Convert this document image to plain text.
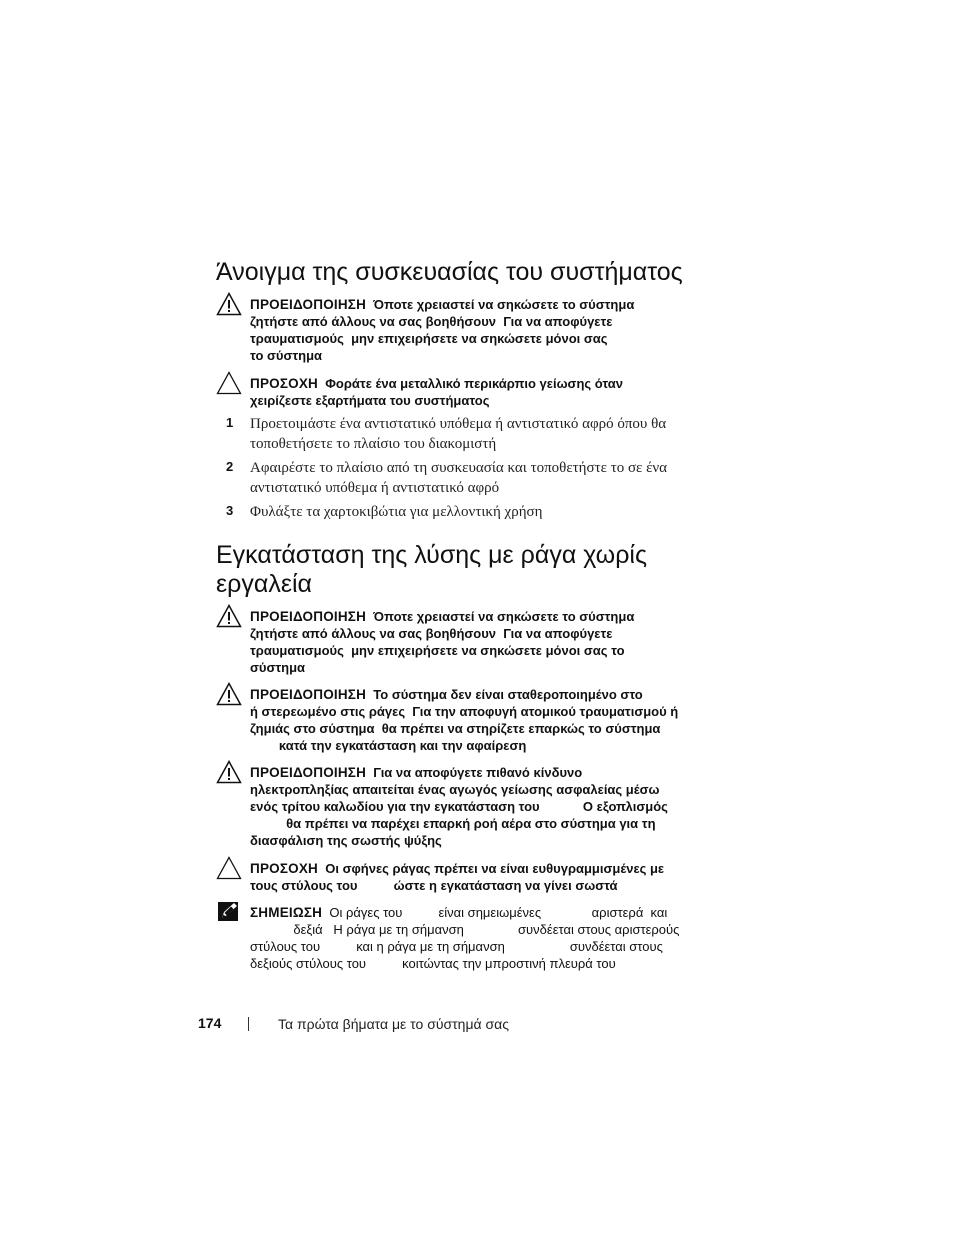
Άνοιγμα της συσκευασίας του συστήματος
ΠΡΟΕΙΔΟΠΟΙΗΣΗ Όποτε χρειαστεί να σηκώσετε το σύστημα
ζητήστε από άλλους να σας βοηθήσουν  Για να αποφύγετε
τραυματισμούς  μην επιχειρήσετε να σηκώσετε μόνοι σας
το σύστημα
ΠΡΟΣΟΧΗ Φοράτε ένα μεταλλικό περικάρπιο γείωσης όταν
χειρίζεστε εξαρτήματα του συστήματος
1 Προετοιμάστε ένα αντιστατικό υπόθεμα ή αντιστατικό αφρό όπου θα
τοποθετήσετε το πλαίσιο του διακομιστή
2 Αφαιρέστε το πλαίσιο από τη συσκευασία και τοποθετήστε το σε ένα
αντιστατικό υπόθεμα ή αντιστατικό αφρό
3 Φυλάξτε τα χαρτοκιβώτια για μελλοντική χρήση
Εγκατάσταση της λύσης με ράγα χωρίς
εργαλεία
ΠΡΟΕΙΔΟΠΟΙΗΣΗ Όποτε χρειαστεί να σηκώσετε το σύστημα
ζητήστε από άλλους να σας βοηθήσουν  Για να αποφύγετε
τραυματισμούς  μην επιχειρήσετε να σηκώσετε μόνοι σας το
σύστημα
ΠΡΟΕΙΔΟΠΟΙΗΣΗ Το σύστημα δεν είναι σταθεροποιημένο στο
ή στερεωμένο στις ράγες  Για την αποφυγή ατομικού τραυματισμού ή
ζημιάς στο σύστημα  θα πρέπει να στηρίζετε επαρκώς το σύστημα
κατά την εγκατάσταση και την αφαίρεση
ΠΡΟΕΙΔΟΠΟΙΗΣΗ Για να αποφύγετε πιθανό κίνδυνο
ηλεκτροπληξίας απαιτείται ένας αγωγός γείωσης ασφαλείας μέσω
ενός τρίτου καλωδίου για την εγκατάσταση του            Ο εξοπλισμός
θα πρέπει να παρέχει επαρκή ροή αέρα στο σύστημα για τη
διασφάλιση της σωστής ψύξης
ΠΡΟΣΟΧΗ Οι σφήνες ράγας πρέπει να είναι ευθυγραμμισμένες με
τους στύλους του          ώστε η εγκατάσταση να γίνει σωστά
ΣΗΜΕΙΩΣΗ Οι ράγες του          είναι σημειωμένες              αριστερά  και
δεξιά   Η ράγα με τη σήμανση               συνδέεται στους αριστερούς
στύλους του          και η ράγα με τη σήμανση                  συνδέεται στους
δεξιούς στύλους του          κοιτώντας την μπροστινή πλευρά του
174	Τα πρώτα βήματα με το σύστημά σας
